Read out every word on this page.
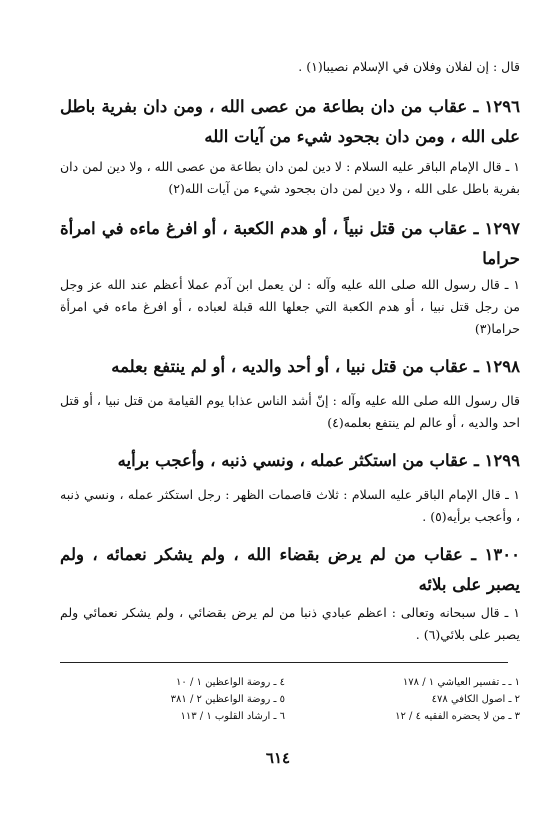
قال : إن لفلان وفلان في الإسلام نصيبا(١) .
١٢٩٦ ـ عقاب من دان بطاعة من عصى الله ، ومن دان بفرية باطل على الله ، ومن دان بجحود شيء من آيات الله
١ ـ قال الإمام الباقر عليه السلام : لا دين لمن دان بطاعة من عصى الله ، ولا دين لمن دان بفرية باطل على الله ، ولا دين لمن دان بجحود شيء من آيات الله(٢)
١٢٩٧ ـ عقاب من قتل نبياً ، أو هدم الكعبة ، أو افرغ ماءه في امرأة حراما
١ ـ قال رسول الله صلى الله عليه وآله : لن يعمل ابن آدم عملا أعظم عند الله عز وجل من رجل قتل نبيا ، أو هدم الكعبة التي جعلها الله قبلة لعباده ، أو افرغ ماءه في امرأة حراما(٣)
١٢٩٨ ـ عقاب من قتل نبيا ، أو أحد والديه ، أو لم ينتفع بعلمه
قال رسول الله صلى الله عليه وآله : إنّ أشد الناس عذابا يوم القيامة من قتل نبيا ، أو قتل احد والديه ، أو عالم لم ينتفع بعلمه(٤)
١٢٩٩ ـ عقاب من استكثر عمله ، ونسي ذنبه ، وأعجب برأيه
١ ـ قال الإمام الباقر عليه السلام : ثلاث قاصمات الظهر : رجل استكثر عمله ، ونسي ذنبه ، وأعجب برأيه(٥) .
١٣٠٠ ـ عقاب من لم يرض بقضاء الله ، ولم يشكر نعمائه ، ولم يصبر على بلائه
١ ـ قال سبحانه وتعالى : اعظم عبادي ذنبا من لم يرض بقضائي ، ولم يشكر نعمائي ولم يصبر على بلائي(٦) .
١ ـ ـ تفسير العياشي ١ / ١٧٨
٢ ـ اصول الكافي ٤٧٨
٣ ـ من لا يحضره الفقيه ٤ / ١٢
٤ ـ روضة الواعظين ١ / ١٠
٥ ـ روضة الواعظين ٢ / ٣٨١
٦ ـ ارشاد القلوب ١ / ١١٣
٦١٤
